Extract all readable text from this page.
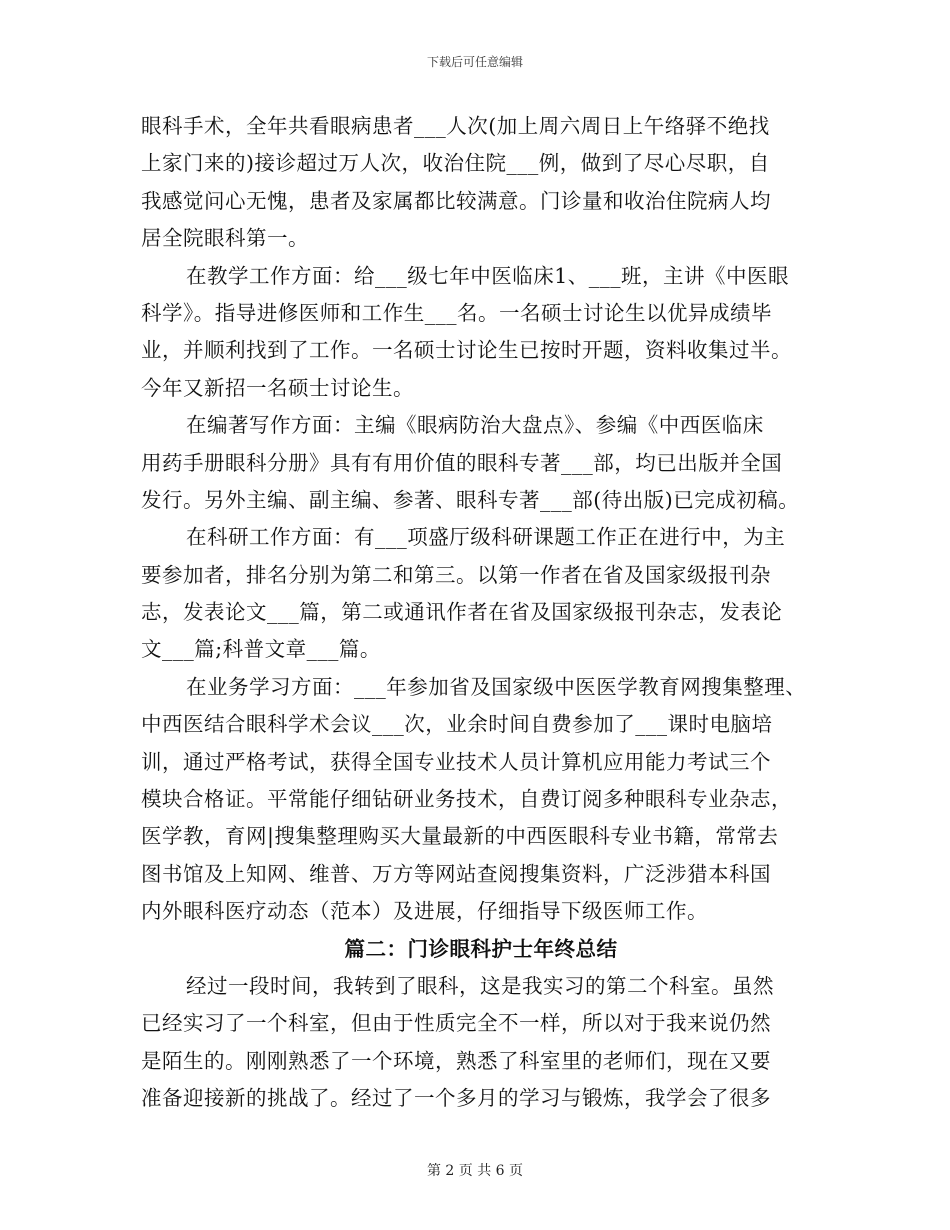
下载后可任意编辑
眼科手术，全年共看眼病患者___人次(加上周六周日上午络驿不绝找
上家门来的)接诊超过万人次，收治住院___例，做到了尽心尽职，自
我感觉问心无愧，患者及家属都比较满意。门诊量和收治住院病人均
居全院眼科第一。
在教学工作方面：给___级七年中医临床1、___班，主讲《中医眼
科学》。指导进修医师和工作生___名。一名硕士讨论生以优异成绩毕
业，并顺利找到了工作。一名硕士讨论生已按时开题，资料收集过半。
今年又新招一名硕士讨论生。
在编著写作方面：主编《眼病防治大盘点》、参编《中西医临床
用药手册眼科分册》具有有用价值的眼科专著___部，均已出版并全国
发行。另外主编、副主编、参著、眼科专著___部(待出版)已完成初稿。
在科研工作方面：有___项盛厅级科研课题工作正在进行中，为主
要参加者，排名分别为第二和第三。以第一作者在省及国家级报刊杂
志，发表论文___篇，第二或通讯作者在省及国家级报刊杂志，发表论
文___篇;科普文章___篇。
在业务学习方面：___年参加省及国家级中医医学教育网搜集整理、
中西医结合眼科学术会议___次，业余时间自费参加了___课时电脑培
训，通过严格考试，获得全国专业技术人员计算机应用能力考试三个
模块合格证。平常能仔细钻研业务技术，自费订阅多种眼科专业杂志，
医学教，育网|搜集整理购买大量最新的中西医眼科专业书籍，常常去
图书馆及上知网、维普、万方等网站查阅搜集资料，广泛涉猎本科国
内外眼科医疗动态（范本）及进展，仔细指导下级医师工作。
篇二：门诊眼科护士年终总结
经过一段时间，我转到了眼科，这是我实习的第二个科室。虽然
已经实习了一个科室，但由于性质完全不一样，所以对于我来说仍然
是陌生的。刚刚熟悉了一个环境，熟悉了科室里的老师们，现在又要
准备迎接新的挑战了。经过了一个多月的学习与锻炼，我学会了很多
第 2 页 共 6 页
